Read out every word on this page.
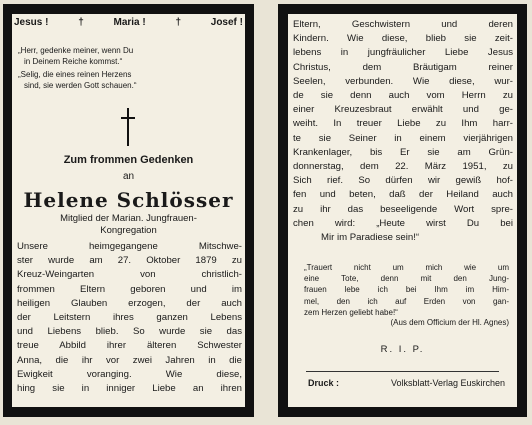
Jesus !	†	Maria !	†	Josef !
„Herr, gedenke meiner, wenn Du
in Deinem Reiche kommst.“
„Selig, die eines reinen Herzens
sind, sie werden Gott schauen.“
Zum frommen Gedenken
an
Helene Schlösser
Mitglied der Marian. Jungfrauen-
Kongregation
Unsere heimgegangene Mitschwe-
ster wurde am 27. Oktober 1879 zu
Kreuz-Weingarten von christlich-
frommen Eltern geboren und im
heiligen Glauben erzogen, der auch
der Leitstern ihres ganzen Lebens
und Liebens blieb. So wurde sie das
treue Abbild ihrer älteren Schwester
Anna, die ihr vor zwei Jahren in die
Ewigkeit voranging. Wie diese,
hing sie in inniger Liebe an ihren
Eltern, Geschwistern und deren
Kindern. Wie diese, blieb sie zeit-
lebens in jungfräulicher Liebe Jesus
Christus, dem Bräutigam reiner
Seelen, verbunden. Wie diese, wur-
de sie denn auch vom Herrn zu
einer Kreuzesbraut erwählt und ge-
weiht. In treuer Liebe zu Ihm harr-
te sie Seiner in einem vierjährigen
Krankenlager, bis Er sie am Grün-
donnerstag, dem 22. März 1951, zu
Sich rief. So dürfen wir gewiß hof-
fen und beten, daß der Heiland auch
zu ihr das beseeligende Wort spre-
chen wird: „Heute wirst Du bei
Mir im Paradiese sein!“
„Trauert nicht um mich wie um
eine Tote, denn mit den Jung-
frauen lebe ich bei Ihm im Him-
mel, den ich auf Erden von gan-
zem Herzen geliebt habe!“
(Aus dem Officium der Hl. Agnes)
R. I. P.
Druck :	Volksblatt-Verlag Euskirchen
